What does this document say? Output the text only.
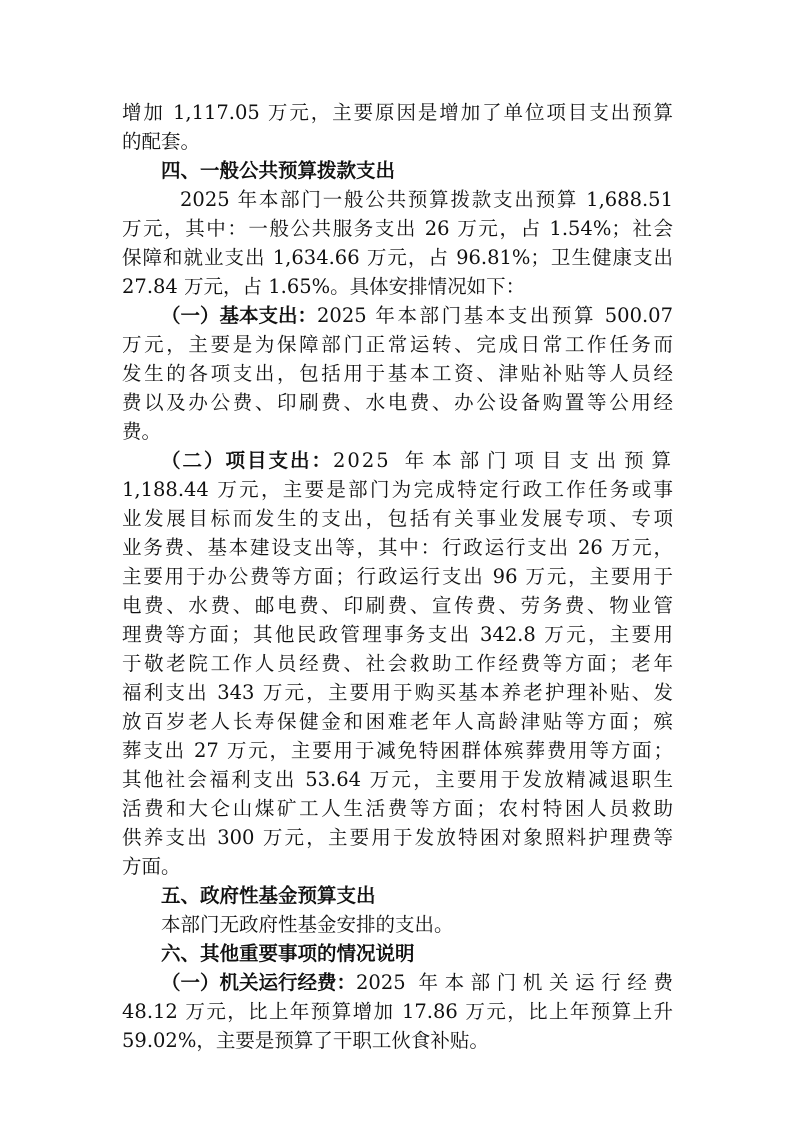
增加 1,117.05 万元，主要原因是增加了单位项目支出预算
的配套。
四、一般公共预算拨款支出
2025 年本部门一般公共预算拨款支出预算 1,688.51
万元，其中：一般公共服务支出 26 万元，占 1.54%；社会
保障和就业支出 1,634.66 万元，占 96.81%；卫生健康支出
27.84 万元，占 1.65%。具体安排情况如下：
（一）基本支出： 2025 年本部门基本支出预算 500.07
万元，主要是为保障部门正常运转、完成日常工作任务而
发生的各项支出，包括用于基本工资、津贴补贴等人员经
费以及办公费、印刷费、水电费、办公设备购置等公用经
费。
（二）项目支出： 2025 年本部门项目支出预算
1,188.44 万元，主要是部门为完成特定行政工作任务或事
业发展目标而发生的支出，包括有关事业发展专项、专项
业务费、基本建设支出等，其中：行政运行支出 26 万元，
主要用于办公费等方面；行政运行支出 96 万元，主要用于
电费、水费、邮电费、印刷费、宣传费、劳务费、物业管
理费等方面；其他民政管理事务支出 342.8 万元，主要用
于敬老院工作人员经费、社会救助工作经费等方面；老年
福利支出 343 万元，主要用于购买基本养老护理补贴、发
放百岁老人长寿保健金和困难老年人高龄津贴等方面；殡
葬支出 27 万元，主要用于减免特困群体殡葬费用等方面；
其他社会福利支出 53.64 万元，主要用于发放精减退职生
活费和大仑山煤矿工人生活费等方面；农村特困人员救助
供养支出 300 万元，主要用于发放特困对象照料护理费等
方面。
五、政府性基金预算支出
本部门无政府性基金安排的支出。
六、其他重要事项的情况说明
（一）机关运行经费： 2025 年本部门机关运行经费
48.12 万元，比上年预算增加 17.86 万元，比上年预算上升
59.02%，主要是预算了干职工伙食补贴。
